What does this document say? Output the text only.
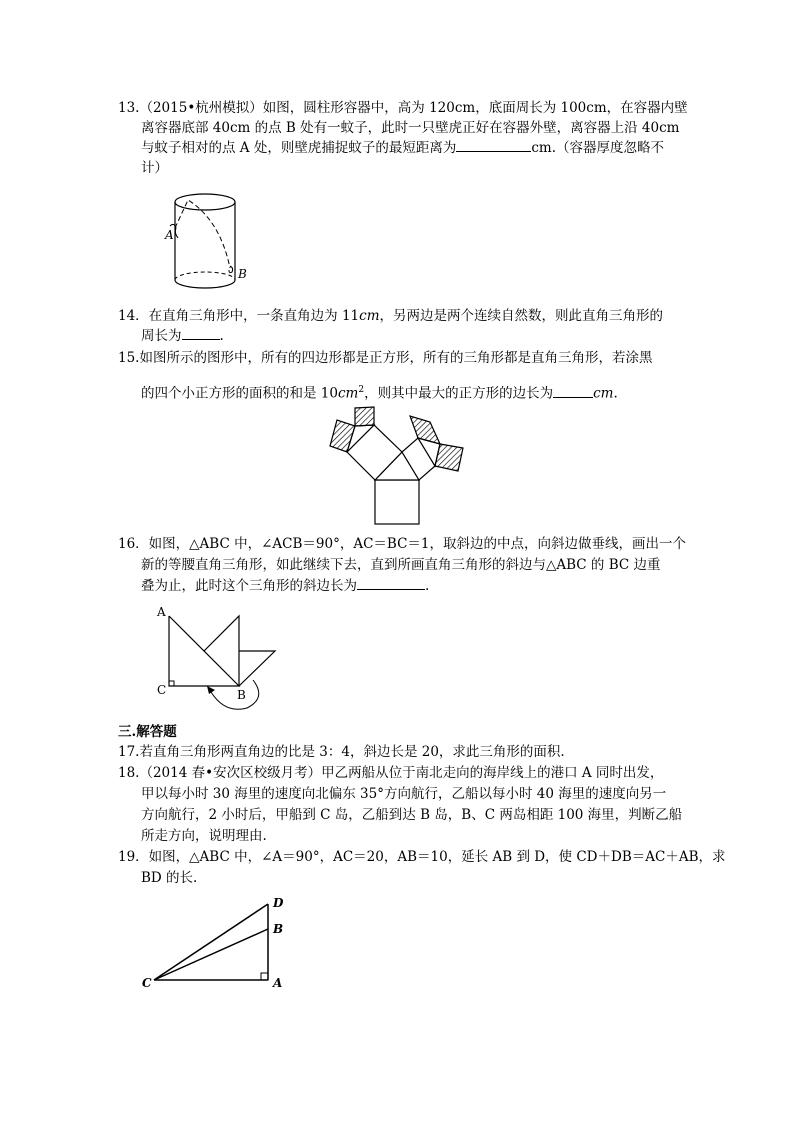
13.（2015•杭州模拟）如图，圆柱形容器中，高为 120cm，底面周长为 100cm，在容器内壁
离容器底部 40cm 的点 B 处有一蚊子，此时一只壁虎正好在容器外壁，离容器上沿 40cm
与蚊子相对的点 A 处，则壁虎捕捉蚊子的最短距离为	cm.（容器厚度忽略不
计）
A
B
14．在直角三角形中，一条直角边为 11cm，另两边是两个连续自然数，则此直角三角形的
周长为	.
15.如图所示的图形中，所有的四边形都是正方形，所有的三角形都是直角三角形，若涂黑
的四个小正方形的面积的和是 $10cm^2$，则其中最大的正方形的边长为	cm.
16．如图，△ABC 中，∠ACB＝90°，AC＝BC＝1，取斜边的中点，向斜边做垂线，画出一个
新的等腰直角三角形，如此继续下去，直到所画直角三角形的斜边与△ABC 的 BC 边重
叠为止，此时这个三角形的斜边长为	.
A
C	B
三.解答题
17.若直角三角形两直角边的比是 3：4，斜边长是 20，求此三角形的面积.
18.（2014 春•安次区校级月考）甲乙两船从位于南北走向的海岸线上的港口 A 同时出发，
甲以每小时 30 海里的速度向北偏东 35°方向航行，乙船以每小时 40 海里的速度向另一
方向航行，2 小时后，甲船到 C 岛，乙船到达 B 岛，B、C 两岛相距 100 海里，判断乙船
所走方向，说明理由.
19．如图，△ABC 中，∠A＝90°，AC＝20，AB＝10，延长 AB 到 D，使 CD＋DB＝AC＋AB，求
BD 的长.
D
B
C	A
